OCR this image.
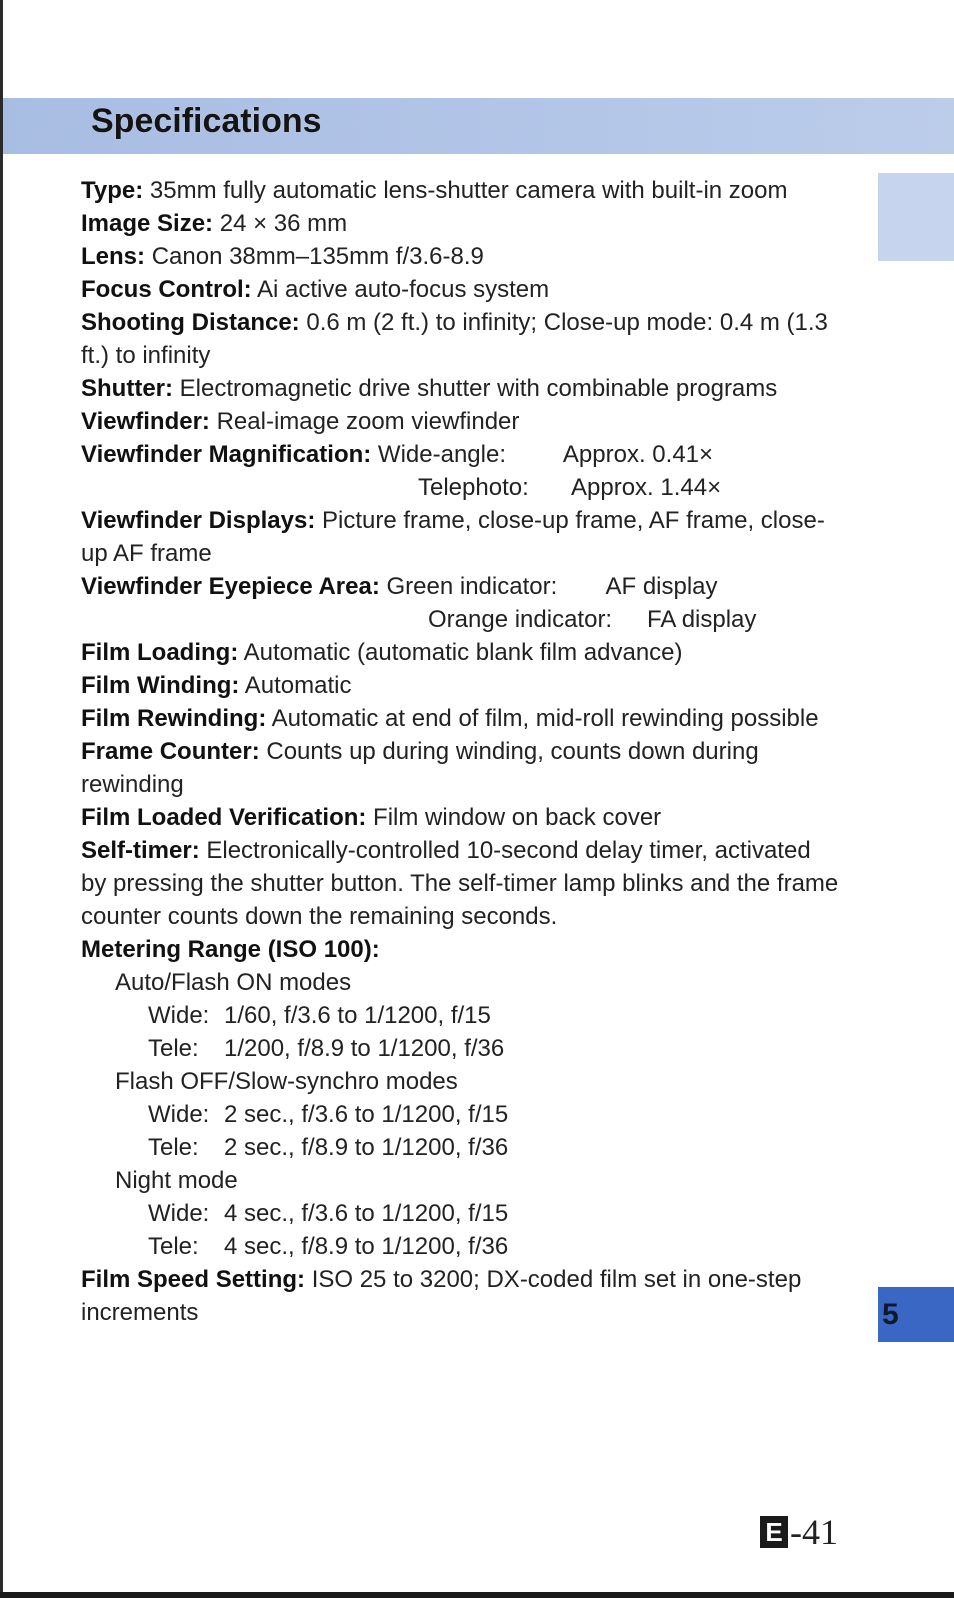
Specifications
5

Type: 35mm fully automatic lens-shutter camera with built-in zoom

Image Size: 24 × 36 mm

Lens: Canon 38mm–135mm f/3.6-8.9

Focus Control: Ai active auto-focus system

Shooting Distance: 0.6 m (2 ft.) to infinity; Close-up mode: 0.4 m (1.3 ft.) to infinity

Shutter: Electromagnetic drive shutter with combinable programs

Viewfinder: Real-image zoom viewfinder

Viewfinder Magnification:
Wide-angle:	Approx. 0.41×
Telephoto:	Approx. 1.44×

Viewfinder Displays: Picture frame, close-up frame, AF frame, close-up AF frame

Viewfinder Eyepiece Area:
Green indicator:	AF display
Orange indicator:	FA display

Film Loading: Automatic (automatic blank film advance)

Film Winding: Automatic

Film Rewinding: Automatic at end of film, mid-roll rewinding possible

Frame Counter: Counts up during winding, counts down during rewinding

Film Loaded Verification: Film window on back cover

Self-timer: Electronically-controlled 10-second delay timer, activated by pressing the shutter button. The self-timer lamp blinks and the frame counter counts down the remaining seconds.

Metering Range (ISO 100):

Auto/Flash ON modes

Wide: 1/60, f/3.6 to 1/1200, f/15
Tele:	1/200, f/8.9 to 1/1200, f/36

Flash OFF/Slow-synchro modes

Wide: 2 sec., f/3.6 to 1/1200, f/15
Tele:	2 sec., f/8.9 to 1/1200, f/36

Night mode

Wide: 4 sec., f/3.6 to 1/1200, f/15
Tele:	4 sec., f/8.9 to 1/1200, f/36

Film Speed Setting: ISO 25 to 3200; DX-coded film set in one-step increments

E -41
